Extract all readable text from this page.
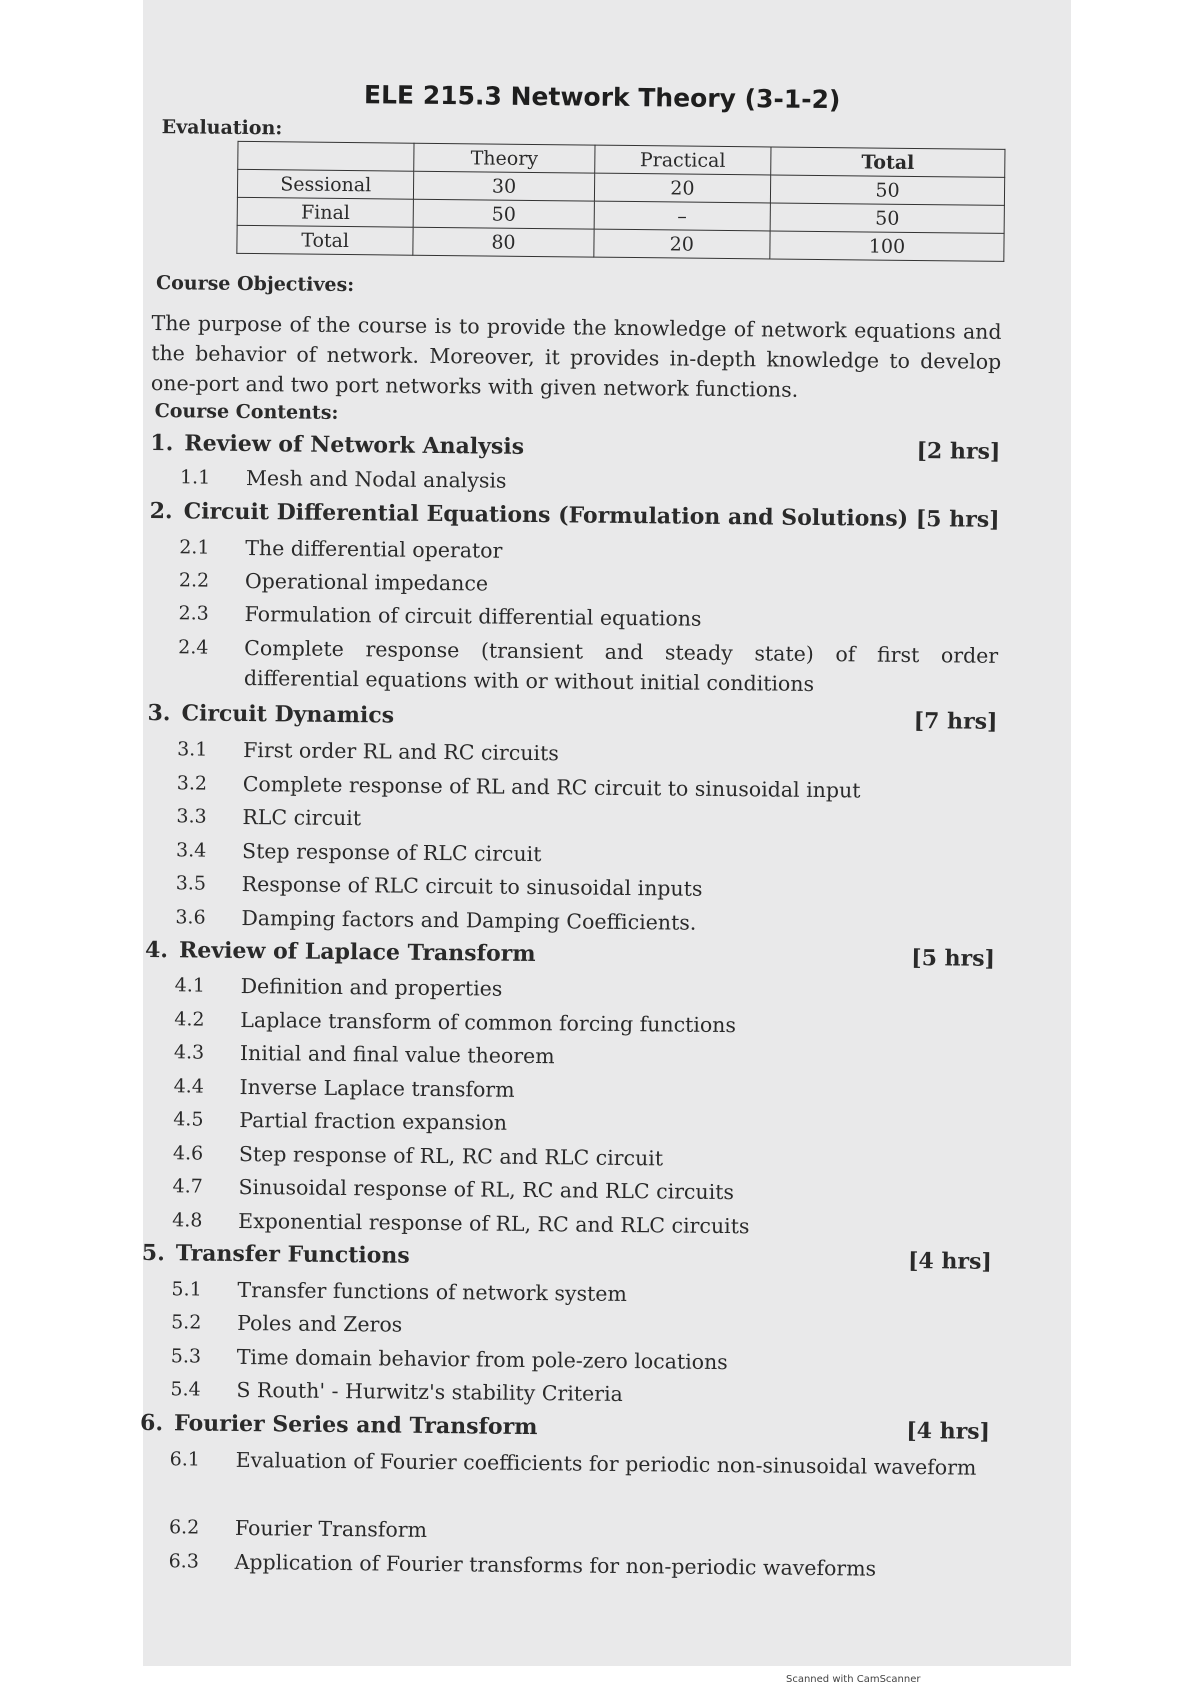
ELE 215.3 Network Theory (3-1-2)
Evaluation:
	Theory	Practical	Total
Sessional	30	20	50
Final	50	–	50
Total	80	20	100
Course Objectives:
The purpose of the course is to provide the knowledge of network equations and the behavior of network. Moreover, it provides in-depth knowledge to develop one-port and two port networks with given network functions.
Course Contents:
1. Review of Network Analysis	[2 hrs]
1.1	Mesh and Nodal analysis
2. Circuit Differential Equations (Formulation and Solutions) [5 hrs]
2.1	The differential operator
2.2	Operational impedance
2.3	Formulation of circuit differential equations
2.4	Complete response (transient and steady state) of first order differential equations with or without initial conditions
3. Circuit Dynamics	[7 hrs]
3.1	First order RL and RC circuits
3.2	Complete response of RL and RC circuit to sinusoidal input
3.3	RLC circuit
3.4	Step response of RLC circuit
3.5	Response of RLC circuit to sinusoidal inputs
3.6	Damping factors and Damping Coefficients.
4. Review of Laplace Transform	[5 hrs]
4.1	Definition and properties
4.2	Laplace transform of common forcing functions
4.3	Initial and final value theorem
4.4	Inverse Laplace transform
4.5	Partial fraction expansion
4.6	Step response of RL, RC and RLC circuit
4.7	Sinusoidal response of RL, RC and RLC circuits
4.8	Exponential response of RL, RC and RLC circuits
5. Transfer Functions	[4 hrs]
5.1	Transfer functions of network system
5.2	Poles and Zeros
5.3	Time domain behavior from pole-zero locations
5.4	S Routh' - Hurwitz's stability Criteria
6. Fourier Series and Transform	[4 hrs]
6.1	Evaluation of Fourier coefficients for periodic non-sinusoidal waveform
6.2	Fourier Transform
6.3	Application of Fourier transforms for non-periodic waveforms
Scanned with CamScanner
